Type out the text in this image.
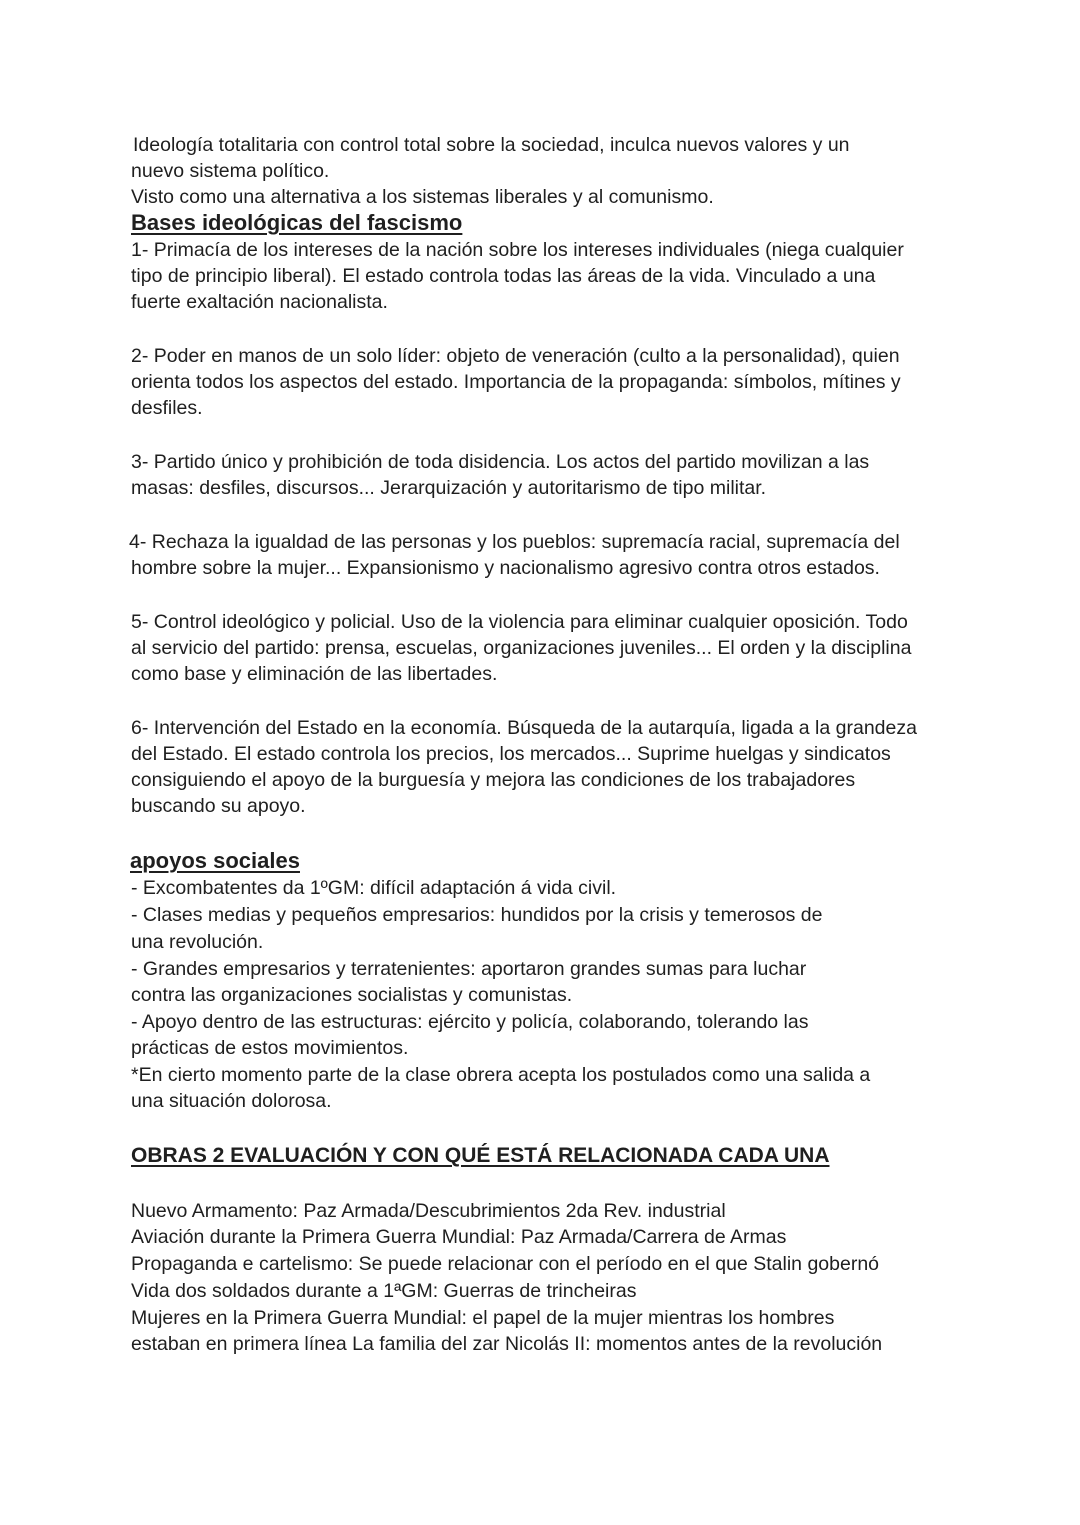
Ideología totalitaria con control total sobre la sociedad, inculca nuevos valores y un

nuevo sistema político.

Visto como una alternativa a los sistemas liberales y al comunismo.

Bases ideológicas del fascismo

1- Primacía de los intereses de la nación sobre los intereses individuales (niega cualquier

tipo de principio liberal). El estado controla todas las áreas de la vida. Vinculado a una

fuerte exaltación nacionalista.

2- Poder en manos de un solo líder: objeto de veneración (culto a la personalidad), quien

orienta todos los aspectos del estado. Importancia de la propaganda: símbolos, mítines y

desfiles.

3- Partido único y prohibición de toda disidencia. Los actos del partido movilizan a las

masas: desfiles, discursos... Jerarquización y autoritarismo de tipo militar.

4- Rechaza la igualdad de las personas y los pueblos: supremacía racial, supremacía del

hombre sobre la mujer... Expansionismo y nacionalismo agresivo contra otros estados.

5- Control ideológico y policial. Uso de la violencia para eliminar cualquier oposición. Todo

al servicio del partido: prensa, escuelas, organizaciones juveniles... El orden y la disciplina

como base y eliminación de las libertades.

6- Intervención del Estado en la economía. Búsqueda de la autarquía, ligada a la grandeza

del Estado. El estado controla los precios, los mercados... Suprime huelgas y sindicatos

consiguiendo el apoyo de la burguesía y mejora las condiciones de los trabajadores

buscando su apoyo.

apoyos sociales

- Excombatentes da 1ºGM: difícil adaptación á vida civil.

- Clases medias y pequeños empresarios: hundidos por la crisis y temerosos de

una revolución.

- Grandes empresarios y terratenientes: aportaron grandes sumas para luchar

contra las organizaciones socialistas y comunistas.

- Apoyo dentro de las estructuras: ejército y policía, colaborando, tolerando las

prácticas de estos movimientos.

*En cierto momento parte de la clase obrera acepta los postulados como una salida a

una situación dolorosa.

OBRAS 2 EVALUACIÓN Y CON QUÉ ESTÁ RELACIONADA CADA UNA

Nuevo Armamento: Paz Armada/Descubrimientos 2da Rev. industrial

Aviación durante la Primera Guerra Mundial: Paz Armada/Carrera de Armas

Propaganda e cartelismo: Se puede relacionar con el período en el que Stalin gobernó

Vida dos soldados durante a 1ªGM: Guerras de trincheiras

Mujeres en la Primera Guerra Mundial: el papel de la mujer mientras los hombres

estaban en primera línea La familia del zar Nicolás II: momentos antes de la revolución
